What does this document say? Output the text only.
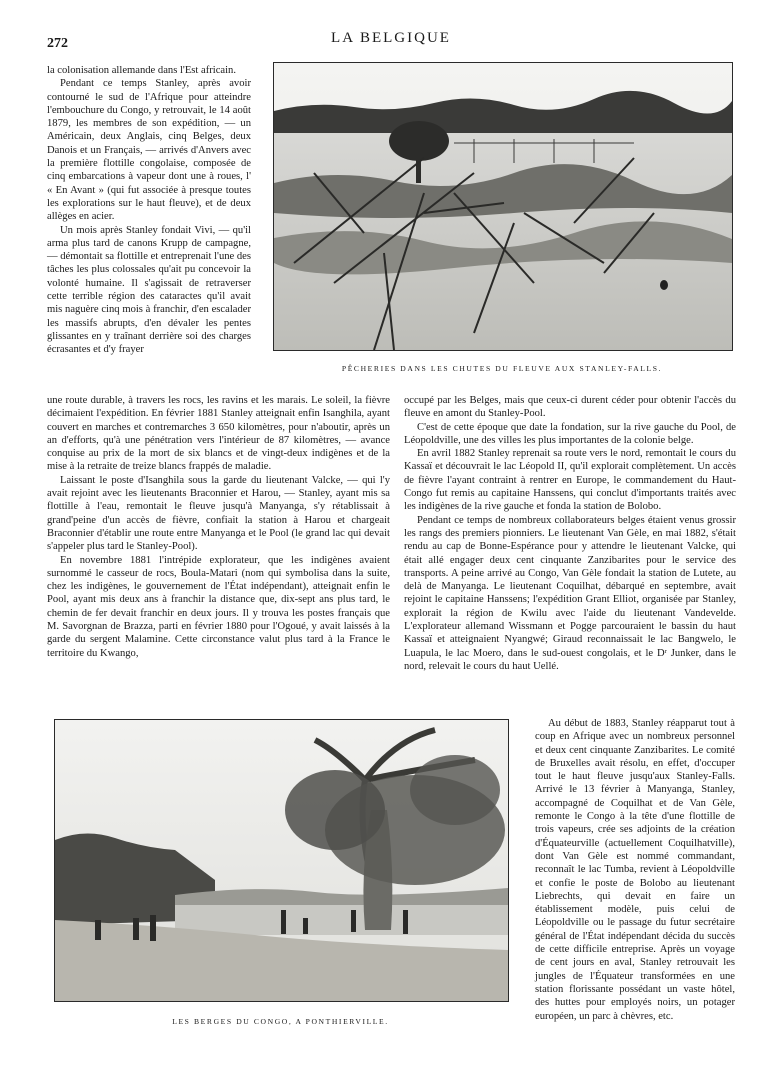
272	LA BELGIQUE

la colonisation allemande dans l'Est africain.

Pendant ce temps Stanley, après avoir contourné le sud de l'Afrique pour atteindre l'embouchure du Congo, y retrouvait, le 14 août 1879, les membres de son expédition, — un Américain, deux Anglais, cinq Belges, deux Danois et un Français, — arrivés d'Anvers avec la première flottille congolaise, composée de cinq embarcations à vapeur dont une à roues, l' « En Avant » (qui fut associée à presque toutes les explorations sur le haut fleuve), et de deux allèges en acier.

Un mois après Stanley fondait Vivi, — qu'il arma plus tard de canons Krupp de campagne, — démontait sa flottille et entreprenait l'une des tâches les plus colossales qu'ait pu concevoir la volonté humaine. Il s'agissait de retraverser cette terrible région des cataractes qu'il avait mis naguère cinq mois à franchir, d'en escalader les massifs abrupts, d'en dévaler les pentes glissantes en y traînant derrière soi des charges écrasantes et d'y frayer

PÊCHERIES DANS LES CHUTES DU FLEUVE AUX STANLEY-FALLS.

une route durable, à travers les rocs, les ravins et les marais. Le soleil, la fièvre décimaient l'expédition. En février 1881 Stanley atteignait enfin Isanghila, ayant couvert en marches et contremarches 3 650 kilomètres, pour n'aboutir, après un an d'efforts, qu'à une pénétration vers l'intérieur de 87 kilomètres, — avance conquise au prix de la mort de six blancs et de vingt-deux indigènes et de la mise à la retraite de treize blancs frappés de maladie.

Laissant le poste d'Isanghila sous la garde du lieutenant Valcke, — qui l'y avait rejoint avec les lieutenants Braconnier et Harou, — Stanley, ayant mis sa flottille à l'eau, remontait le fleuve jusqu'à Manyanga, s'y rétablissait à grand'peine d'un accès de fièvre, confiait la station à Harou et chargeait Braconnier d'établir une route entre Manyanga et le Pool (le grand lac qui devait s'appeler plus tard le Stanley-Pool).

En novembre 1881 l'intrépide explorateur, que les indigènes avaient surnommé le casseur de rocs, Boula-Matari (nom qui symbolisa dans la suite, chez les indigènes, le gouvernement de l'État indépendant), atteignait enfin le Pool, ayant mis deux ans à franchir la distance que, dix-sept ans plus tard, le chemin de fer devait franchir en deux jours. Il y trouva les postes français que M. Savorgnan de Brazza, parti en février 1880 pour l'Ogoué, y avait laissés à la garde du sergent Malamine. Cette circonstance valut plus tard à la France le territoire du Kwango,

occupé par les Belges, mais que ceux-ci durent céder pour obtenir l'accès du fleuve en amont du Stanley-Pool.

C'est de cette époque que date la fondation, sur la rive gauche du Pool, de Léopoldville, une des villes les plus importantes de la colonie belge.

En avril 1882 Stanley reprenait sa route vers le nord, remontait le cours du Kassaï et découvrait le lac Léopold II, qu'il explorait complètement. Un accès de fièvre l'ayant contraint à rentrer en Europe, le commandement du Haut-Congo fut remis au capitaine Hanssens, qui conclut d'importants traités avec les indigènes de la rive gauche et fonda la station de Bolobo.

Pendant ce temps de nombreux collaborateurs belges étaient venus grossir les rangs des premiers pionniers. Le lieutenant Van Gèle, en mai 1882, s'était rendu au cap de Bonne-Espérance pour y attendre le lieutenant Valcke, qui était allé engager deux cent cinquante Zanzibarites pour le service des transports. A peine arrivé au Congo, Van Gèle fondait la station de Lutete, au delà de Manyanga. Le lieutenant Coquilhat, débarqué en septembre, avait rejoint le capitaine Hanssens; l'expédition Grant Elliot, organisée par Stanley, explorait la région de Kwilu avec l'aide du lieutenant Vandevelde. L'explorateur allemand Wissmann et Pogge parcouraient le bassin du haut Kassaï et atteignaient Nyangwé; Giraud reconnaissait le lac Bangwelo, le Luapula, le lac Moero, dans le sud-ouest congolais, et le Dʳ Junker, dans le nord, relevait le cours du haut Uellé.

LES BERGES DU CONGO, A PONTHIERVILLE.

Au début de 1883, Stanley réapparut tout à coup en Afrique avec un nombreux personnel et deux cent cinquante Zanzibarites. Le comité de Bruxelles avait résolu, en effet, d'occuper tout le haut fleuve jusqu'aux Stanley-Falls. Arrivé le 13 février à Manyanga, Stanley, accompagné de Coquilhat et de Van Gèle, remonte le Congo à la tête d'une flottille de trois vapeurs, crée ses adjoints de la création d'Équateurville (actuellement Coquilhatville), dont Van Gèle est nommé commandant, reconnaît le lac Tumba, revient à Léopoldville et confie le poste de Bolobo au lieutenant Liebrechts, qui devait en faire un établissement modèle, puis celui de Léopoldville ou le passage du futur secrétaire général de l'État indépendant décida du succès de cette difficile entreprise. Après un voyage de cent jours en aval, Stanley retrouvait les jungles de l'Équateur transformées en une station florissante possédant un vaste hôtel, des huttes pour employés noirs, un potager européen, un parc à chèvres, etc.
